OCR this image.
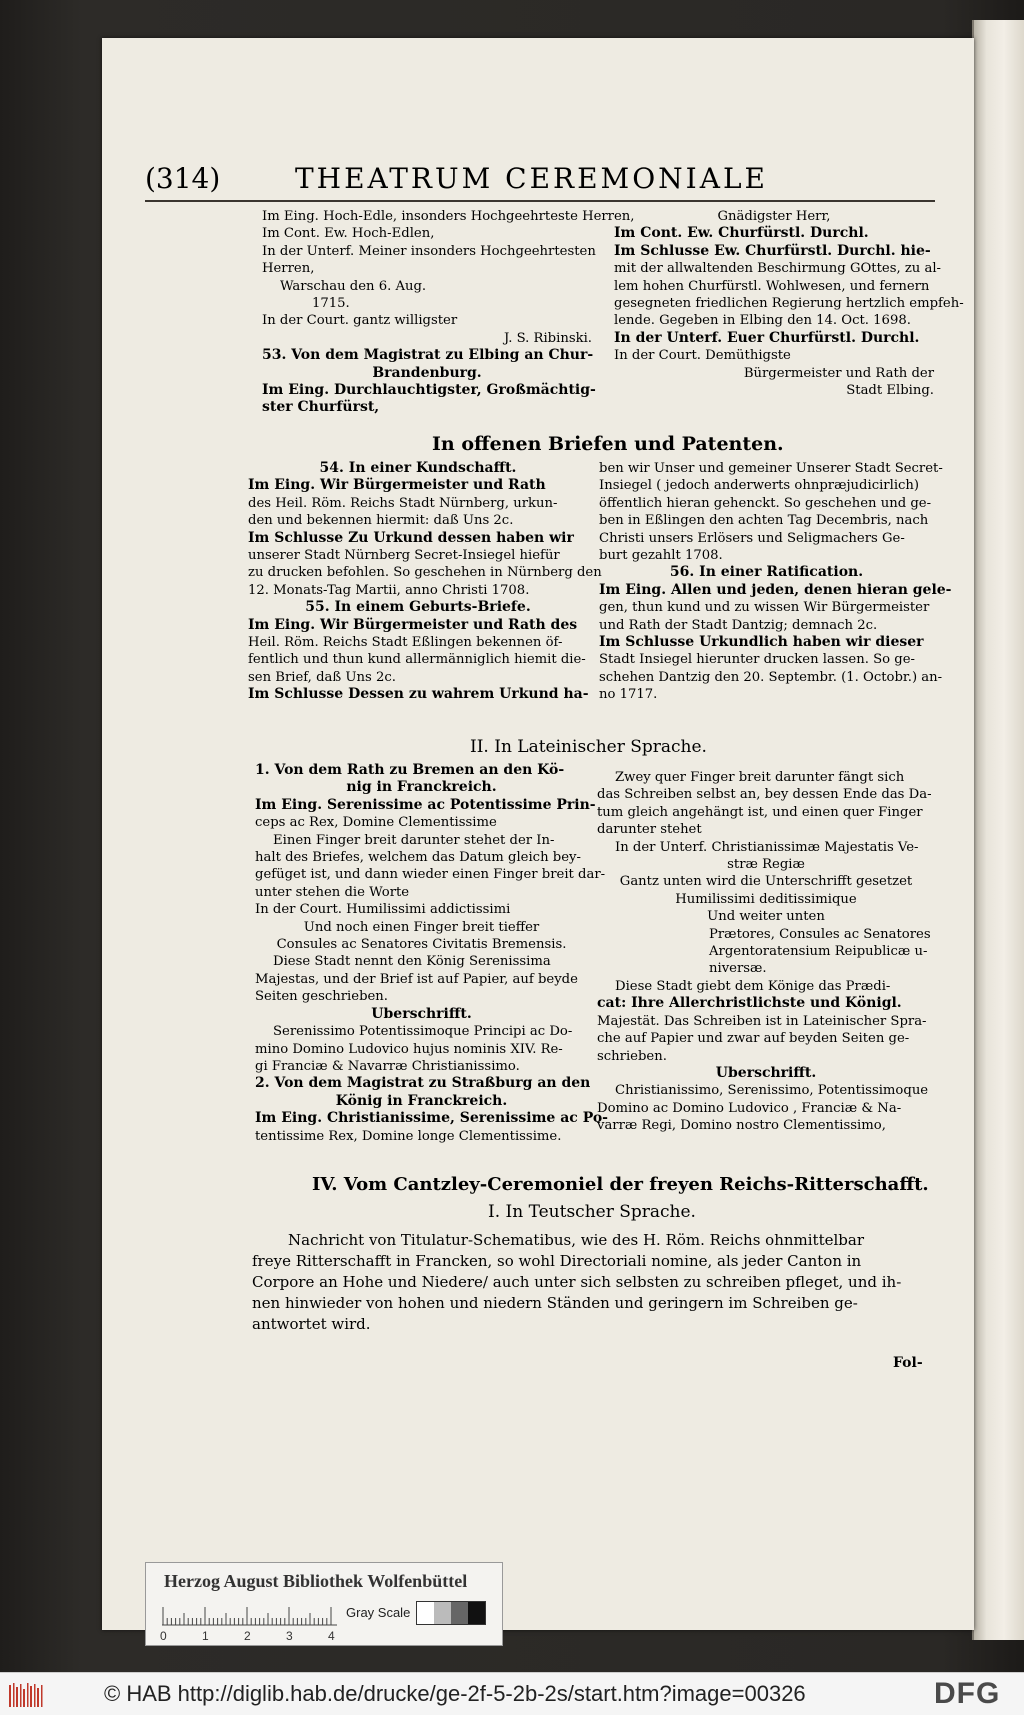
(314)	THEATRUM CEREMONIALE

Im Eing. Hoch-Edle, insonders Hochgeehrteste Herren,

Im Cont. Ew. Hoch-Edlen,

In der Unterf. Meiner insonders Hochgeehrtesten

Herren,

Warschau den 6. Aug.

1715.

In der Court. gantz willigster

J. S. Ribinski.

53. Von dem Magistrat zu Elbing an Chur-

Brandenburg.

Im Eing. Durchlauchtigster, Großmächtig-

ster Churfürst,

Gnädigster Herr,

Im Cont. Ew. Churfürstl. Durchl.

Im Schlusse Ew. Churfürstl. Durchl. hie-

mit der allwaltenden Beschirmung GOttes, zu al-

lem hohen Churfürstl. Wohlwesen, und fernern

gesegneten friedlichen Regierung hertzlich empfeh-

lende. Gegeben in Elbing den 14. Oct. 1698.

In der Unterf. Euer Churfürstl. Durchl.

In der Court. Demüthigste

Bürgermeister und Rath der

Stadt Elbing.

In offenen Briefen und Patenten.

54. In einer Kundschafft.

Im Eing. Wir Bürgermeister und Rath

des Heil. Röm. Reichs Stadt Nürnberg, urkun-

den und bekennen hiermit: daß Uns 2c.

Im Schlusse Zu Urkund dessen haben wir

unserer Stadt Nürnberg Secret-Insiegel hiefür

zu drucken befohlen. So geschehen in Nürnberg den

12. Monats-Tag Martii, anno Christi 1708.

55. In einem Geburts-Briefe.

Im Eing. Wir Bürgermeister und Rath des

Heil. Röm. Reichs Stadt Eßlingen bekennen öf-

fentlich und thun kund allermänniglich hiemit die-

sen Brief, daß Uns 2c.

Im Schlusse Dessen zu wahrem Urkund ha-

ben wir Unser und gemeiner Unserer Stadt Secret-

Insiegel ( jedoch anderwerts ohnpræjudicirlich)

öffentlich hieran gehenckt. So geschehen und ge-

ben in Eßlingen den achten Tag Decembris, nach

Christi unsers Erlösers und Seligmachers Ge-

burt gezahlt 1708.

56. In einer Ratification.

Im Eing. Allen und jeden, denen hieran gele-

gen, thun kund und zu wissen Wir Bürgermeister

und Rath der Stadt Dantzig; demnach 2c.

Im Schlusse Urkundlich haben wir dieser

Stadt Insiegel hierunter drucken lassen. So ge-

schehen Dantzig den 20. Septembr. (1. Octobr.) an-

no 1717.

II. In Lateinischer Sprache.

1. Von dem Rath zu Bremen an den Kö-

nig in Franckreich.

Im Eing. Serenissime ac Potentissime Prin-

ceps ac Rex, Domine Clementissime

Einen Finger breit darunter stehet der In-

halt des Briefes, welchem das Datum gleich bey-

gefüget ist, und dann wieder einen Finger breit dar-

unter stehen die Worte

In der Court. Humilissimi addictissimi

Und noch einen Finger breit tieffer

Consules ac Senatores Civitatis Bremensis.

Diese Stadt nennt den König Serenissima

Majestas, und der Brief ist auf Papier, auf beyde

Seiten geschrieben.

Uberschrifft.

Serenissimo Potentissimoque Principi ac Do-

mino Domino Ludovico hujus nominis XIV. Re-

gi Franciæ & Navarræ Christianissimo.

2. Von dem Magistrat zu Straßburg an den

König in Franckreich.

Im Eing. Christianissime, Serenissime ac Po-

tentissime Rex, Domine longe Clementissime.

Zwey quer Finger breit darunter fängt sich

das Schreiben selbst an, bey dessen Ende das Da-

tum gleich angehängt ist, und einen quer Finger

darunter stehet

In der Unterf. Christianissimæ Majestatis Ve-

stræ Regiæ

Gantz unten wird die Unterschrifft gesetzet

Humilissimi deditissimique

Und weiter unten

Prætores, Consules ac Senatores

Argentoratensium Reipublicæ u-

niversæ.

Diese Stadt giebt dem Könige das Prædi-

cat: Ihre Allerchristlichste und Königl.

Majestät. Das Schreiben ist in Lateinischer Spra-

che auf Papier und zwar auf beyden Seiten ge-

schrieben.

Uberschrifft.

Christianissimo, Serenissimo, Potentissimoque

Domino ac Domino Ludovico , Franciæ & Na-

varræ Regi, Domino nostro Clementissimo,

IV. Vom Cantzley-Ceremoniel der freyen Reichs-Ritterschafft.
I. In Teutscher Sprache.

Nachricht von Titulatur-Schematibus, wie des H. Röm. Reichs ohnmittelbar

freye Ritterschafft in Francken, so wohl Directoriali nomine, als jeder Canton in

Corpore an Hohe und Niedere/ auch unter sich selbsten zu schreiben pfleget, und ih-

nen hinwieder von hohen und niedern Ständen und geringern im Schreiben ge-

antwortet wird.

Fol-
Herzog August Bibliothek Wolfenbüttel
0	1	2	3	4
Gray Scale
© HAB http://diglib.hab.de/drucke/ge-2f-5-2b-2s/start.htm?image=00326	DFG
